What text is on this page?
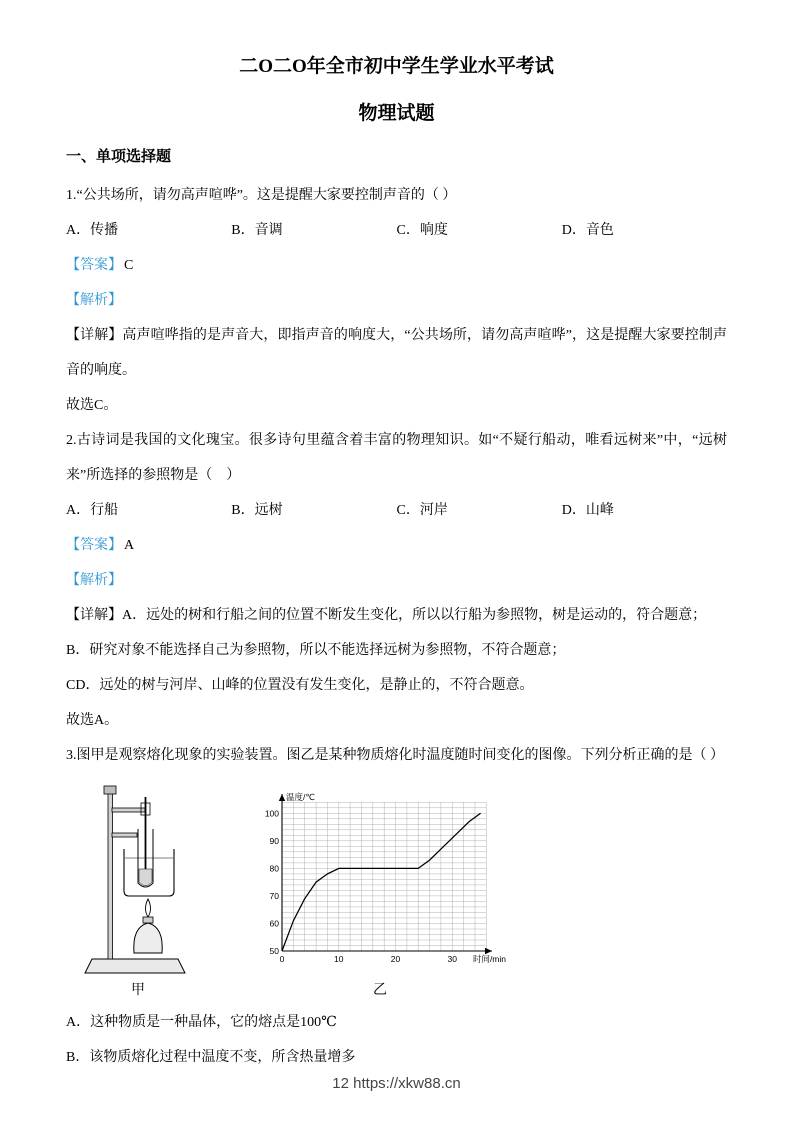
二O二O年全市初中学生学业水平考试
物理试题
一、单项选择题

1.“公共场所，请勿高声喧哗”。这是提醒大家要控制声音的（ ）

A．传播	B．音调	C．响度	D．音色

【答案】 C

【解析】

【详解】高声喧哗指的是声音大，即指声音的响度大，“公共场所，请勿高声喧哗”，这是提醒大家要控制声音的响度。

故选C。

2.古诗词是我国的文化瑰宝。很多诗句里蕴含着丰富的物理知识。如“不疑行船动，唯看远树来”中，“远树来”所选择的参照物是（　）

A．行船	B．远树	C．河岸	D．山峰

【答案】 A

【解析】

【详解】A．远处的树和行船之间的位置不断发生变化，所以以行船为参照物，树是运动的，符合题意；

B．研究对象不能选择自己为参照物，所以不能选择远树为参照物，不符合题意；

CD．远处的树与河岸、山峰的位置没有发生变化，是静止的，不符合题意。

故选A。

3.图甲是观察熔化现象的实验装置。图乙是某种物质熔化时温度随时间变化的图像。下列分析正确的是（ ）

甲
50
60
70
80
90
100
0	10	20	30
温度/℃
时间/min
乙

A．这种物质是一种晶体，它的熔点是100℃

B．该物质熔化过程中温度不变，所含热量增多

12 https://xkw88.cn
